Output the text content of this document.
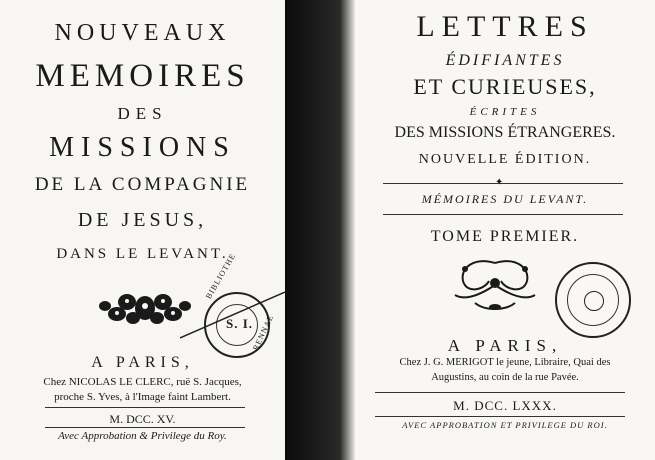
NOUVEAUX
MEMOIRES
DES
MISSIONS
DE LA COMPAGNIE
DE JESUS,
DANS LE LEVANT.
BIBLIOTHE
RENNAE
S. I.
A PARIS,
Chez NICOLAS LE CLERC, ruë S. Jacques,
proche S. Yves, à l'Image faint Lambert.
M. DCC. XV.
Avec Approbation & Privilege du Roy.
LETTRES
ÉDIFIANTES
ET CURIEUSES,
ÉCRITES
DES MISSIONS ÉTRANGERES.
NOUVELLE ÉDITION.
✦
MÉMOIRES DU LEVANT.
TOME PREMIER.
A PARIS,
Chez J. G. MERIGOT le jeune, Libraire, Quai des
Augustins, au coin de la rue Pavée.
M. DCC. LXXX.
AVEC APPROBATION ET PRIVILEGE DU ROI.
